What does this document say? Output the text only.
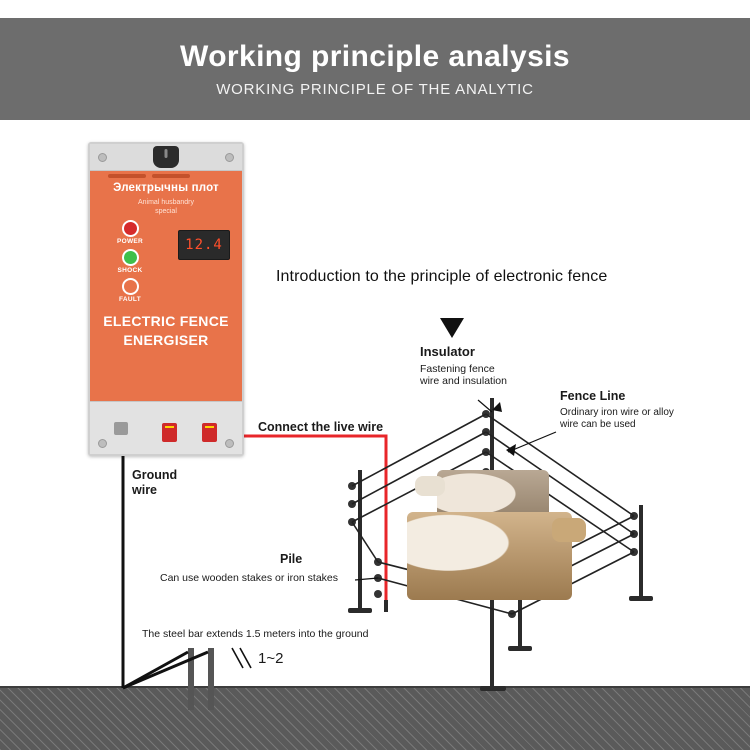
Working principle analysis
WORKING PRINCIPLE OF THE ANALYTIC
Электрычны плот
Animal husbandry
special
POWER
SHOCK
FAULT
12.4
ELECTRIC FENCE
ENERGISER
Introduction to the principle of electronic fence
Insulator
Fastening fence wire and insulation
Fence Line
Ordinary iron wire or alloy wire can be used
Connect the live wire
Ground
wire
Pile
Can use wooden stakes or iron stakes
The steel bar extends 1.5 meters into the ground
1~2
